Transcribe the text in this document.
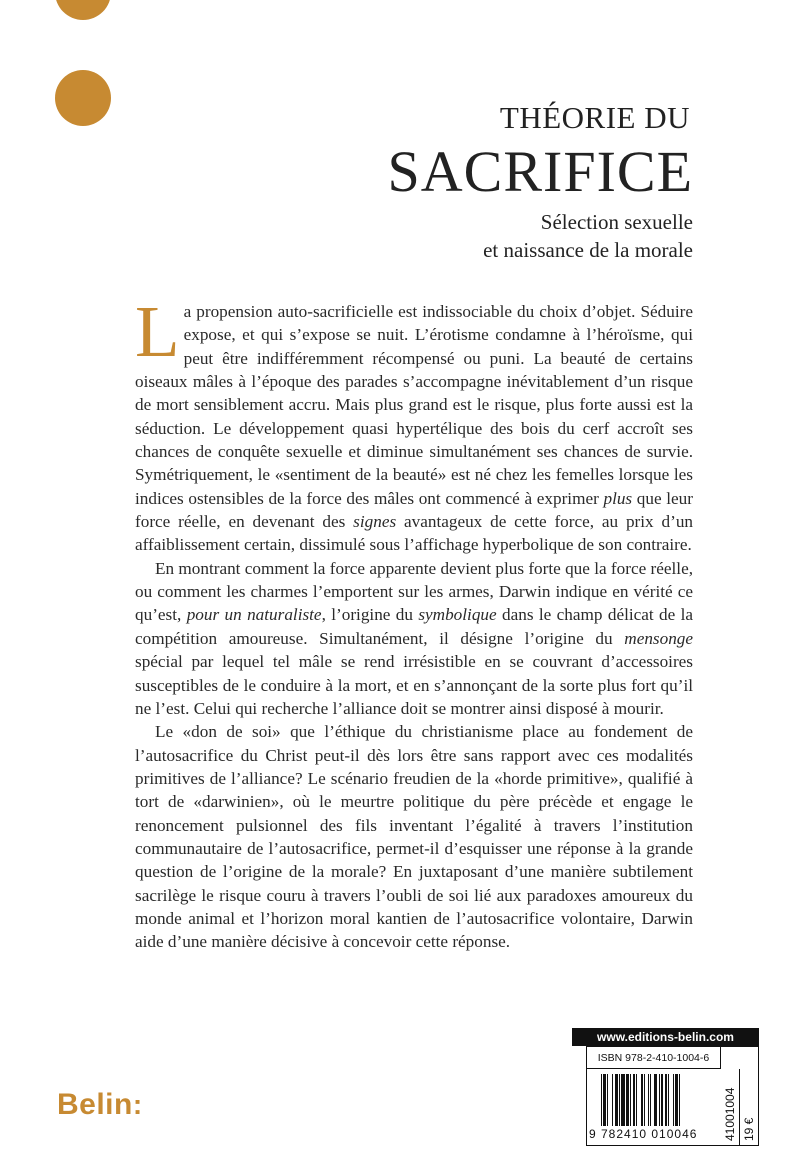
THÉORIE DU
SACRIFICE
Sélection sexuelle
et naissance de la morale

La propension auto-sacrificielle est indissociable du choix d’objet. Séduire expose, et qui s’expose se nuit. L’érotisme condamne à l’héroïsme, qui peut être indifféremment récompensé ou puni. La beauté de certains oiseaux mâles à l’époque des parades s’accompagne inévitablement d’un risque de mort sensiblement accru. Mais plus grand est le risque, plus forte aussi est la séduction. Le développement quasi hypertélique des bois du cerf accroît ses chances de conquête sexuelle et diminue simultanément ses chances de survie. Symétriquement, le «sentiment de la beauté» est né chez les femelles lorsque les indices ostensibles de la force des mâles ont commencé à exprimer plus que leur force réelle, en devenant des signes avantageux de cette force, au prix d’un affaiblissement certain, dissimulé sous l’affichage hyperbolique de son contraire.

En montrant comment la force apparente devient plus forte que la force réelle, ou comment les charmes l’emportent sur les armes, Darwin indique en vérité ce qu’est, pour un naturaliste, l’origine du symbolique dans le champ délicat de la compétition amoureuse. Simultanément, il désigne l’origine du mensonge spécial par lequel tel mâle se rend irrésistible en se couvrant d’accessoires susceptibles de le conduire à la mort, et en s’annonçant de la sorte plus fort qu’il ne l’est. Celui qui recherche l’alliance doit se montrer ainsi disposé à mourir.

Le «don de soi» que l’éthique du christianisme place au fondement de l’autosacrifice du Christ peut-il dès lors être sans rapport avec ces modalités primitives de l’alliance? Le scénario freudien de la «horde primitive», qualifié à tort de «darwinien», où le meurtre politique du père précède et engage le renoncement pulsionnel des fils inventant l’égalité à travers l’institution communautaire de l’autosacrifice, permet-il d’esquisser une réponse à la grande question de l’origine de la morale? En juxtaposant d’une manière subtilement sacrilège le risque couru à travers l’oubli de soi lié aux paradoxes amoureux du monde animal et l’horizon moral kantien de l’autosacrifice volontaire, Darwin aide d’une manière décisive à concevoir cette réponse.

Belin:
www.editions-belin.com
ISBN 978-2-410-1004-6
9 782410 010046	41001004 19 €
